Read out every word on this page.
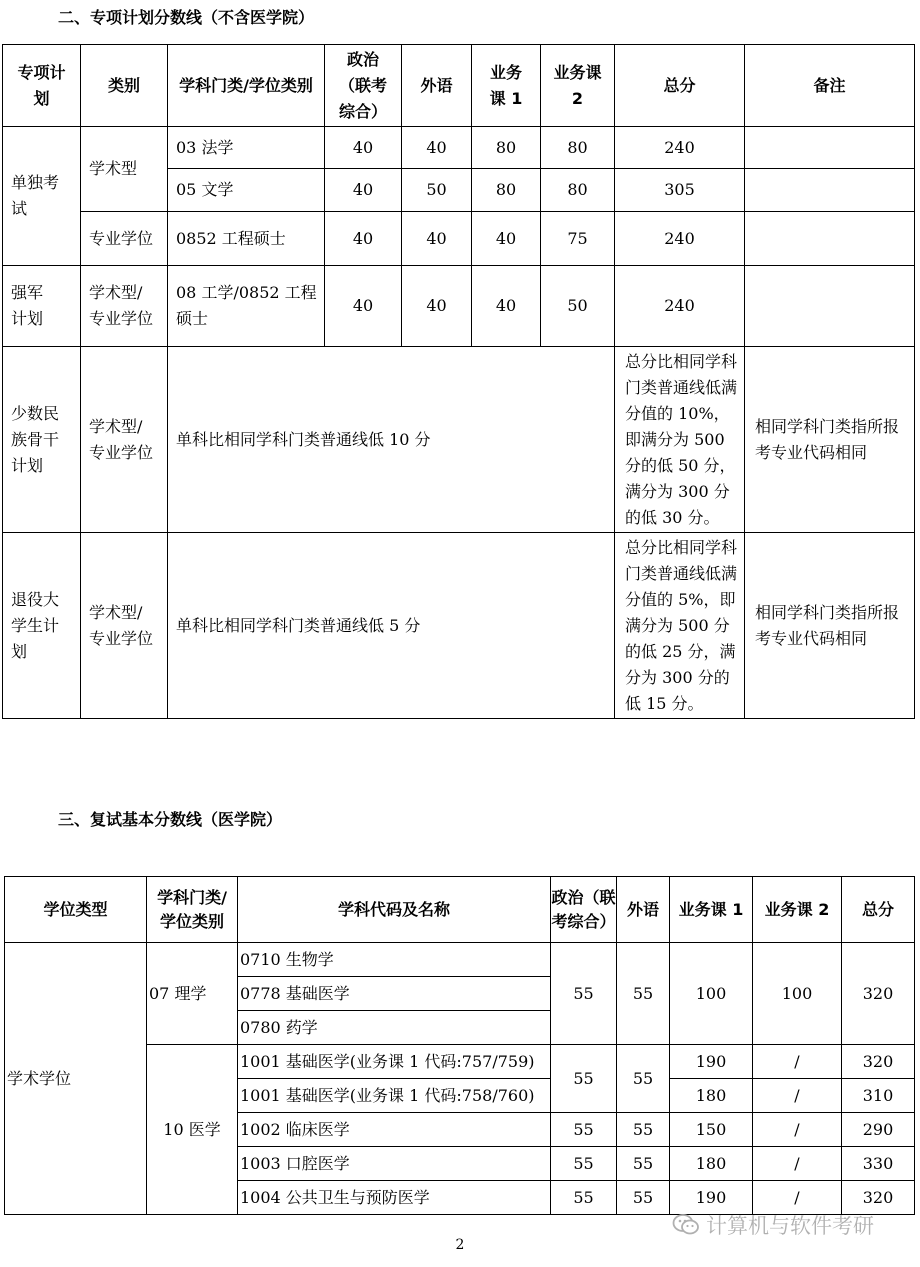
二、专项计划分数线（不含医学院）
专项计划	类别	学科门类/学位类别	政治（联考综合）	外语	业务课 1	业务课 2	总分	备注
单独考试	学术型	03 法学	40	40	80	80	240	
		05 文学	40	50	80	80	305	
	专业学位	0852 工程硕士	40	40	40	75	240	
强军计划	学术型/专业学位	08 工学/0852 工程硕士	40	40	40	50	240	
少数民族骨干计划	学术型/专业学位	单科比相同学科门类普通线低 10 分					总分比相同学科门类普通线低满分值的 10%，即满分为 500 分的低 50 分，满分为 300 分的低 30 分。	相同学科门类指所报考专业代码相同
退役大学生计划	学术型/专业学位	单科比相同学科门类普通线低 5 分					总分比相同学科门类普通线低满分值的 5%，即满分为 500 分的低 25 分，满分为 300 分的低 15 分。	相同学科门类指所报考专业代码相同
三、复试基本分数线（医学院）
学位类型	学科门类/学位类别	学科代码及名称	政治（联考综合）	外语	业务课 1	业务课 2	总分
学术学位	07 理学	0710 生物学	55	55	100	100	320
		0778 基础医学					
		0780 药学					
	10 医学	1001 基础医学(业务课 1 代码:757/759)	55	55	190	/	320
		1001 基础医学(业务课 1 代码:758/760)			180	/	310
		1002 临床医学	55	55	150	/	290
		1003 口腔医学	55	55	180	/	330
		1004 公共卫生与预防医学	55	55	190	/	320
计算机与软件考研
2
